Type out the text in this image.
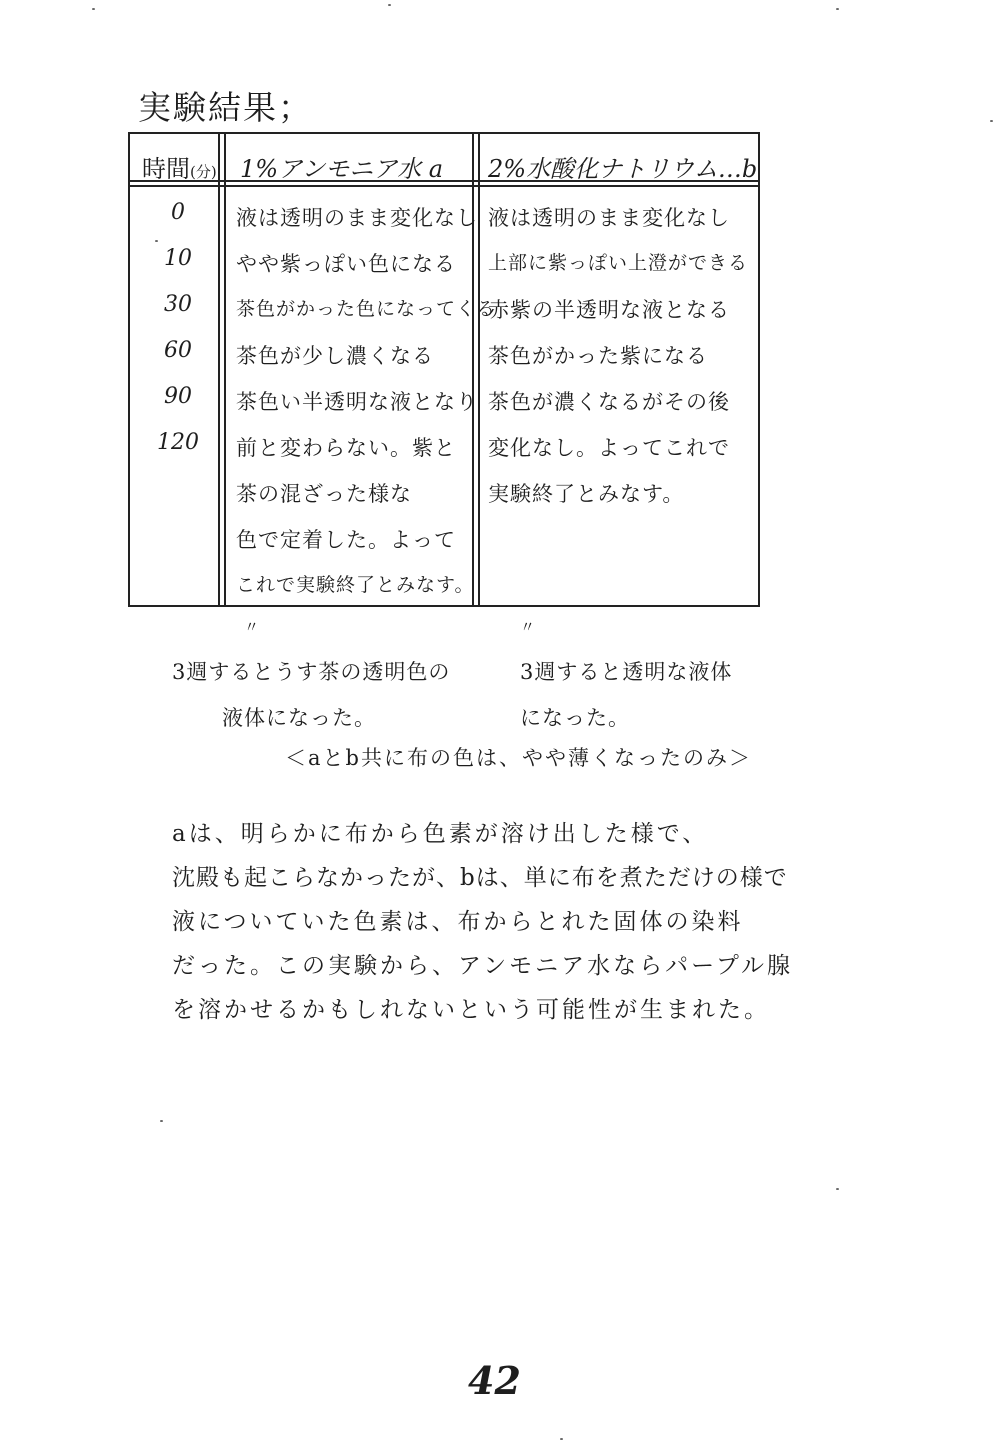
実験結果；
時間(分) 1%アンモニア水 a 2%水酸化ナトリウム…b
0
10
30
60
90
120
液は透明のまま変化なし
やや紫っぽい色になる
茶色がかった色になってくる
茶色が少し濃くなる
茶色い半透明な液となり
前と変わらない。紫と
茶の混ざった様な
色で定着した。よって
これで実験終了とみなす。
液は透明のまま変化なし
上部に紫っぽい上澄ができる
赤紫の半透明な液となる
茶色がかった紫になる
茶色が濃くなるがその後
変化なし。よってこれで
実験終了とみなす。
〃	〃
3週するとうす茶の透明色の
液体になった。
3週すると透明な液体
になった。
＜aとb共に布の色は、やや薄くなったのみ＞
aは、明らかに布から色素が溶け出した様で、
沈殿も起こらなかったが、bは、単に布を煮ただけの様で
液についていた色素は、布からとれた固体の染料
だった。この実験から、アンモニア水ならパープル腺
を溶かせるかもしれないという可能性が生まれた。
42
